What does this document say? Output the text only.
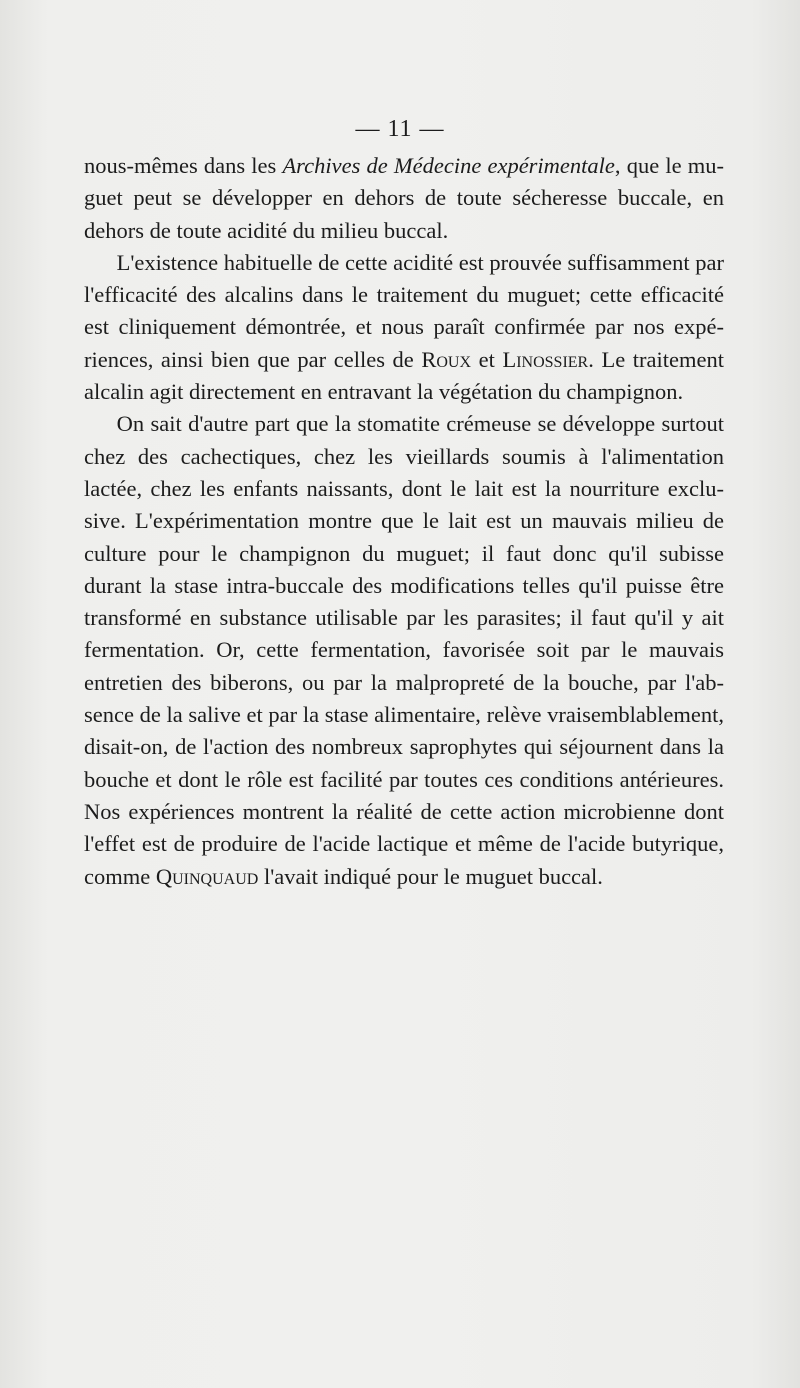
— 11 —

nous-mêmes dans les Archives de Médecine expérimentale, que le muguet peut se développer en dehors de toute sécheresse buccale, en dehors de toute acidité du milieu buccal.

L'existence habituelle de cette acidité est prouvée suffisamment par l'efficacité des alcalins dans le traitement du muguet; cette efficacité est cliniquement démontrée, et nous paraît confirmée par nos expériences, ainsi bien que par celles de Roux et Linossier. Le traitement alcalin agit directement en entravant la végétation du champignon.

On sait d'autre part que la stomatite crémeuse se développe surtout chez des cachectiques, chez les vieillards soumis à l'alimentation lactée, chez les enfants naissants, dont le lait est la nourriture exclusive. L'expérimentation montre que le lait est un mauvais milieu de culture pour le champignon du muguet; il faut donc qu'il subisse durant la stase intra-buccale des modifications telles qu'il puisse être transformé en substance utilisable par les parasites; il faut qu'il y ait fermentation. Or, cette fermentation, favorisée soit par le mauvais entretien des biberons, ou par la malpropreté de la bouche, par l'absence de la salive et par la stase alimentaire, relève vraisemblablement, disait-on, de l'action des nombreux saprophytes qui séjournent dans la bouche et dont le rôle est facilité par toutes ces conditions antérieures. Nos expériences montrent la réalité de cette action microbienne dont l'effet est de produire de l'acide lactique et même de l'acide butyrique, comme Quinquaud l'avait indiqué pour le muguet buccal.
